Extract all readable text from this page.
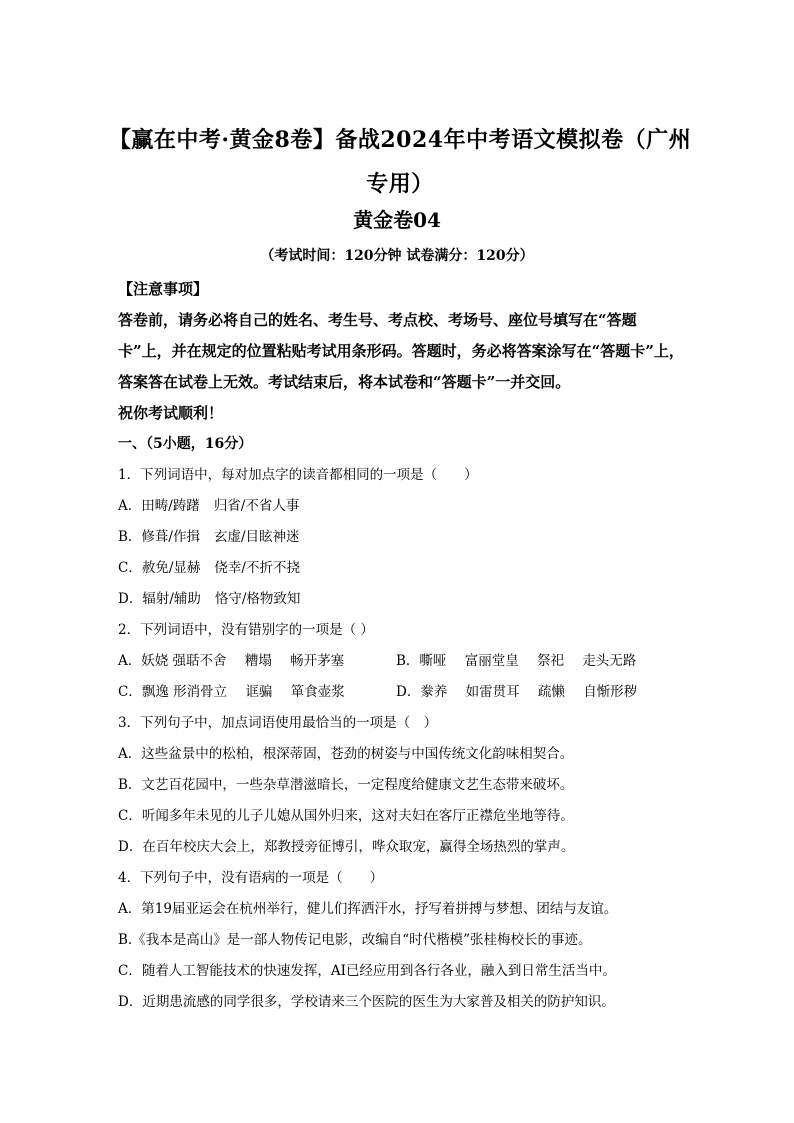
【赢在中考·黄金8卷】备战2024年中考语文模拟卷（广州专用）
黄金卷04
（考试时间：120分钟 试卷满分：120分）
【注意事项】
答卷前，请务必将自己的姓名、考生号、考点校、考场号、座位号填写在“答题卡”上，并在规定的位置粘贴考试用条形码。答题时，务必将答案涂写在“答题卡”上，答案答在试卷上无效。考试结束后，将本试卷和“答题卡”一并交回。
祝你考试顺利！
一、（5小题，16分）
1．下列词语中，每对加点字的读音都相同的一项是（　　）
A．田畴/踌躇 归省/不省人事
B．修葺/作揖 玄虚/目眩神迷
C．赦免/显赫 侥幸/不折不挠
D．辐射/辅助 恪守/格物致知
2．下列词语中，没有错别字的一项是（ ）
A．妖娆 强聒不舍 糟塌 畅开茅塞	B．嘶哑 富丽堂皇 祭祀 走头无路
C．飘逸 形消骨立 诓骗 箪食壶浆	D．豢养 如雷贯耳 疏懒 自惭形秽
3．下列句子中，加点词语使用最恰当的一项是（　）
A．这些盆景中的松柏，根深蒂固，苍劲的树姿与中国传统文化韵味相契合。
B．文艺百花园中，一些杂草潜滋暗长，一定程度给健康文艺生态带来破坏。
C．听闻多年未见的儿子儿媳从国外归来，这对夫妇在客厅正襟危坐地等待。
D．在百年校庆大会上，郑教授旁征博引，哗众取宠，赢得全场热烈的掌声。
4．下列句子中，没有语病的一项是（　　）
A．第19届亚运会在杭州举行，健儿们挥洒汗水，抒写着拼搏与梦想、团结与友谊。
B.《我本是高山》是一部人物传记电影，改编自“时代楷模”张桂梅校长的事迹。
C．随着人工智能技术的快速发挥，AI已经应用到各行各业，融入到日常生活当中。
D．近期患流感的同学很多，学校请来三个医院的医生为大家普及相关的防护知识。
